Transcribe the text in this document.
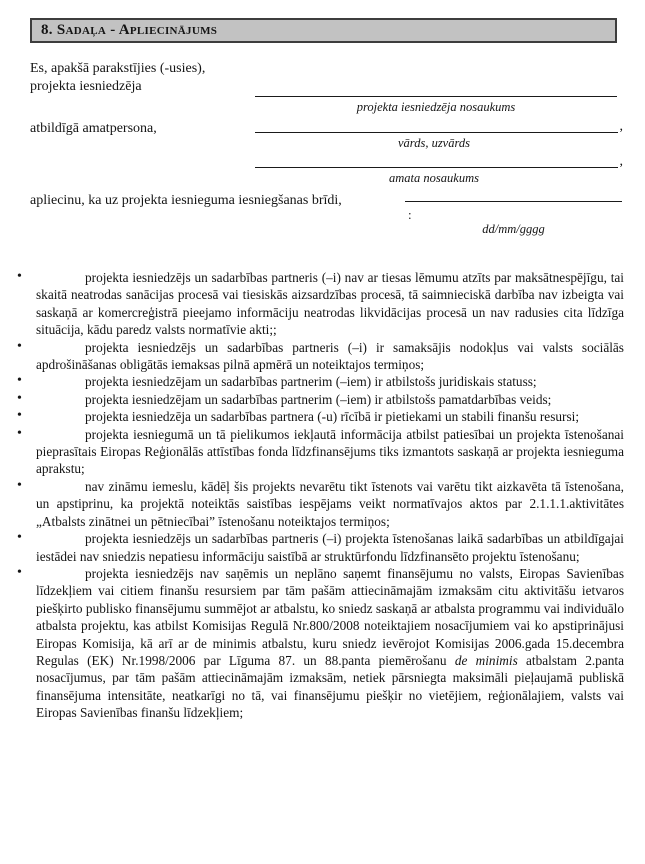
8. Sadaļa - Apliecinājums
Es, apakšā parakstījies (-usies),
projekta iesniedzēja
projekta iesniedzēja nosaukums
atbildīgā amatpersona,	,
vārds, uzvārds
,
amata nosaukums
apliecinu, ka uz projekta iesnieguma iesniegšanas brīdi,
:
dd/mm/gggg
•	projekta iesniedzējs un sadarbības partneris (–i) nav ar tiesas lēmumu atzīts par maksātnespējīgu, tai skaitā neatrodas sanācijas procesā vai tiesiskās aizsardzības procesā, tā saimnieciskā darbība nav izbeigta vai saskaņā ar komercreģistrā pieejamo informāciju neatrodas likvidācijas procesā un nav radusies cita līdzīga situācija, kādu paredz valsts normatīvie akti;;
•	projekta iesniedzējs un sadarbības partneris (–i) ir samaksājis nodokļus vai valsts sociālās apdrošināšanas obligātās iemaksas pilnā apmērā un noteiktajos termiņos;
•	projekta iesniedzējam un sadarbības partnerim (–iem) ir atbilstošs juridiskais statuss;
•	projekta iesniedzējam un sadarbības partnerim (–iem) ir atbilstošs pamatdarbības veids;
•	projekta iesniedzēja un sadarbības partnera (-u) rīcībā ir pietiekami un stabili finanšu resursi;
•	projekta iesniegumā un tā pielikumos iekļautā informācija atbilst patiesībai un projekta īstenošanai pieprasītais Eiropas Reģionālās attīstības fonda līdzfinansējums tiks izmantots saskaņā ar projekta iesnieguma aprakstu;
•	nav zināmu iemeslu, kādēļ šis projekts nevarētu tikt īstenots vai varētu tikt aizkavēta tā īstenošana, un apstiprinu, ka projektā noteiktās saistības iespējams veikt normatīvajos aktos par 2.1.1.1.aktivitātes „Atbalsts zinātnei un pētniecībai” īstenošanu noteiktajos termiņos;
•	projekta iesniedzējs un sadarbības partneris (–i) projekta īstenošanas laikā sadarbības un atbildīgajai iestādei nav sniedzis nepatiesu informāciju saistībā ar struktūrfondu līdzfinansēto projektu īstenošanu;
•	projekta iesniedzējs nav saņēmis un neplāno saņemt finansējumu no valsts, Eiropas Savienības līdzekļiem vai citiem finanšu resursiem par tām pašām attiecināmajām izmaksām citu aktivitāšu ietvaros piešķirto publisko finansējumu summējot ar atbalstu, ko sniedz saskaņā ar atbalsta programmu vai individuālo atbalsta projektu, kas atbilst Komisijas Regulā Nr.800/2008 noteiktajiem nosacījumiem vai ko apstiprinājusi Eiropas Komisija, kā arī ar de minimis atbalstu, kuru sniedz ievērojot Komisijas 2006.gada 15.decembra Regulas (EK) Nr.1998/2006 par Līguma 87. un 88.panta piemērošanu de minimis atbalstam 2.panta nosacījumus, par tām pašām attiecināmajām izmaksām, netiek pārsniegta maksimāli pieļaujamā publiskā finansējuma intensitāte, neatkarīgi no tā, vai finansējumu piešķir no vietējiem, reģionālajiem, valsts vai Eiropas Savienības finanšu līdzekļiem;
